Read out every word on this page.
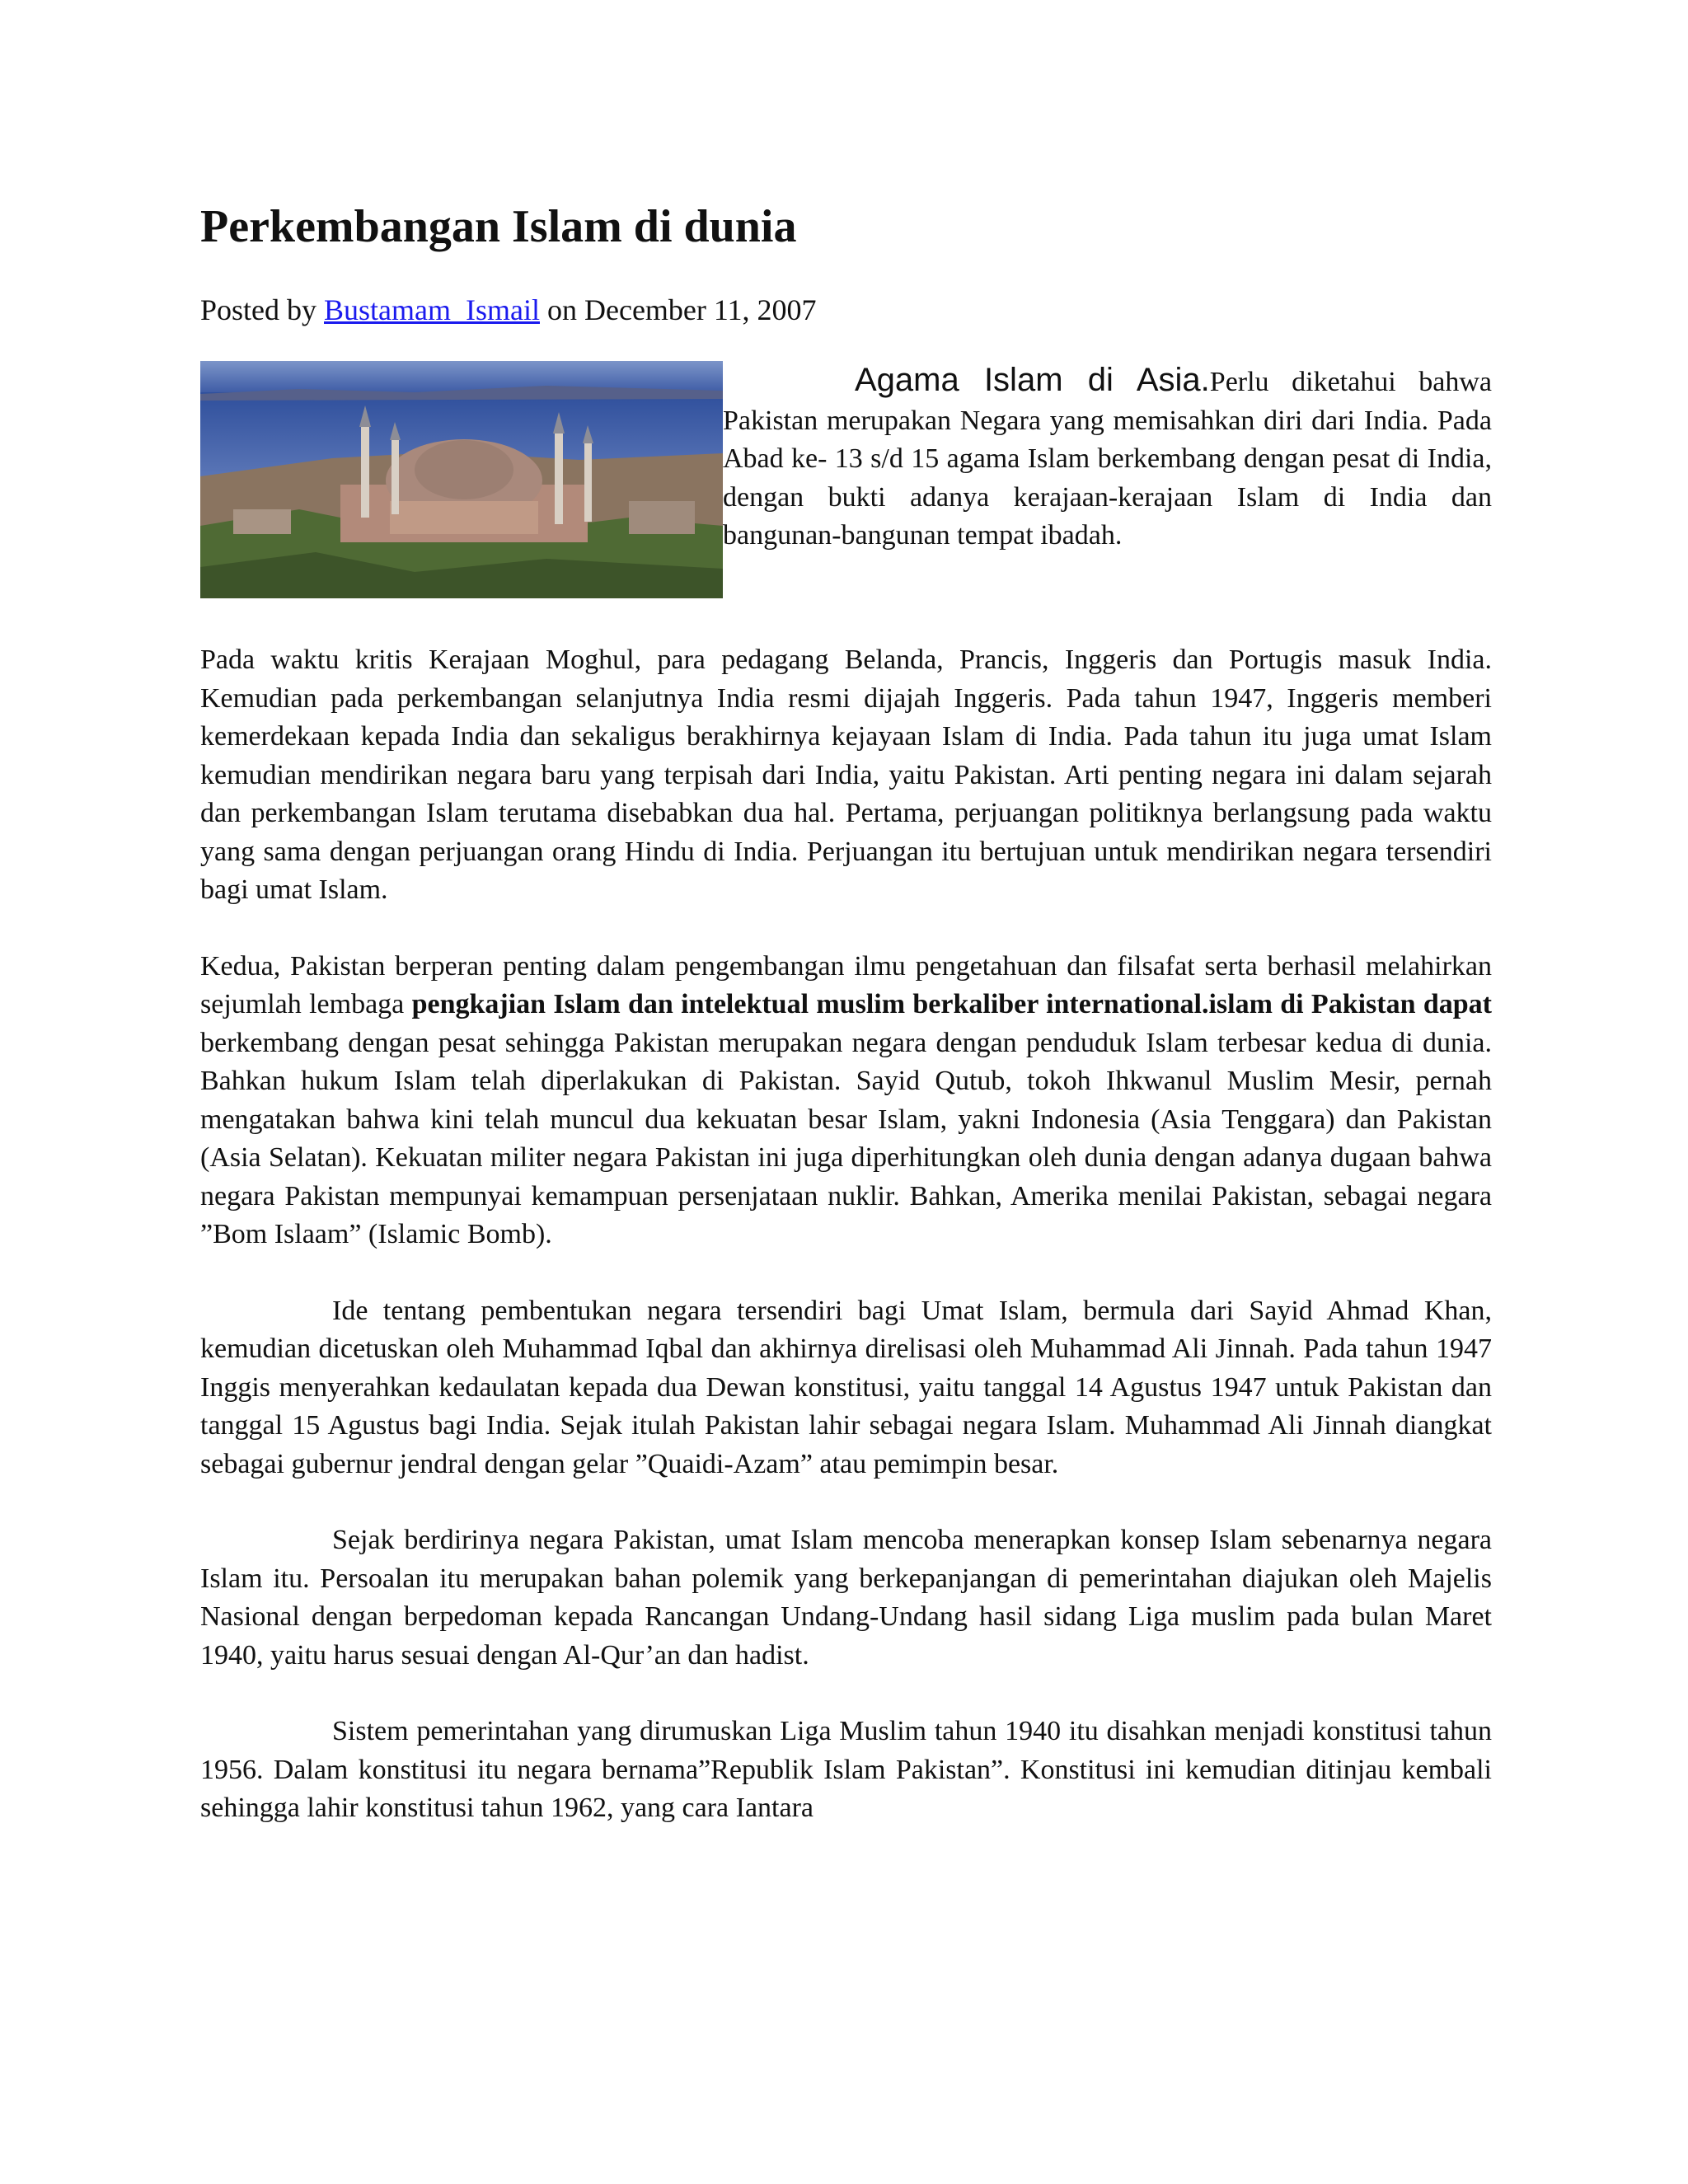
Perkembangan Islam di dunia
Posted by Bustamam_Ismail on December 11, 2007
Agama Islam di Asia.Perlu diketahui bahwa Pakistan merupakan Negara yang memisahkan diri dari India. Pada Abad ke- 13 s/d 15 agama Islam berkembang dengan pesat di India, dengan bukti adanya kerajaan-kerajaan Islam di India dan bangunan-bangunan tempat ibadah.

Pada waktu kritis Kerajaan Moghul, para pedagang Belanda, Prancis, Inggeris dan Portugis masuk India. Kemudian pada perkembangan selanjutnya India resmi dijajah Inggeris. Pada tahun 1947, Inggeris memberi kemerdekaan kepada India dan sekaligus berakhirnya kejayaan Islam di India. Pada tahun itu juga umat Islam kemudian mendirikan negara baru yang terpisah dari India, yaitu Pakistan. Arti penting negara ini dalam sejarah dan perkembangan Islam terutama disebabkan dua hal. Pertama, perjuangan politiknya berlangsung pada waktu yang sama dengan perjuangan orang Hindu di India. Perjuangan itu bertujuan untuk mendirikan negara tersendiri bagi umat Islam.

Kedua, Pakistan berperan penting dalam pengembangan ilmu pengetahuan dan filsafat serta berhasil melahirkan sejumlah lembaga pengkajian Islam dan intelektual muslim berkaliber international.islam di Pakistan dapat berkembang dengan pesat sehingga Pakistan merupakan negara dengan penduduk Islam terbesar kedua di dunia. Bahkan hukum Islam telah diperlakukan di Pakistan. Sayid Qutub, tokoh Ihkwanul Muslim Mesir, pernah mengatakan bahwa kini telah muncul dua kekuatan besar Islam, yakni Indonesia (Asia Tenggara) dan Pakistan (Asia Selatan). Kekuatan militer negara Pakistan ini juga diperhitungkan oleh dunia dengan adanya dugaan bahwa negara Pakistan mempunyai kemampuan persenjataan nuklir. Bahkan, Amerika menilai Pakistan, sebagai negara ”Bom Islaam” (Islamic Bomb).

Ide tentang pembentukan negara tersendiri bagi Umat Islam, bermula dari Sayid Ahmad Khan, kemudian dicetuskan oleh Muhammad Iqbal dan akhirnya direlisasi oleh Muhammad Ali Jinnah. Pada tahun 1947 Inggis menyerahkan kedaulatan kepada dua Dewan konstitusi, yaitu tanggal 14 Agustus 1947 untuk Pakistan dan tanggal 15 Agustus bagi India. Sejak itulah Pakistan lahir sebagai negara Islam. Muhammad Ali Jinnah diangkat sebagai gubernur jendral dengan gelar ”Quaidi-Azam” atau pemimpin besar.

Sejak berdirinya negara Pakistan, umat Islam mencoba menerapkan konsep Islam sebenarnya negara Islam itu. Persoalan itu merupakan bahan polemik yang berkepanjangan di pemerintahan diajukan oleh Majelis Nasional dengan berpedoman kepada Rancangan Undang-Undang hasil sidang Liga muslim pada bulan Maret 1940, yaitu harus sesuai dengan Al-Qur’an dan hadist.

Sistem pemerintahan yang dirumuskan Liga Muslim tahun 1940 itu disahkan menjadi konstitusi tahun 1956. Dalam konstitusi itu negara bernama”Republik Islam Pakistan”. Konstitusi ini kemudian ditinjau kembali sehingga lahir konstitusi tahun 1962, yang cara Iantara
